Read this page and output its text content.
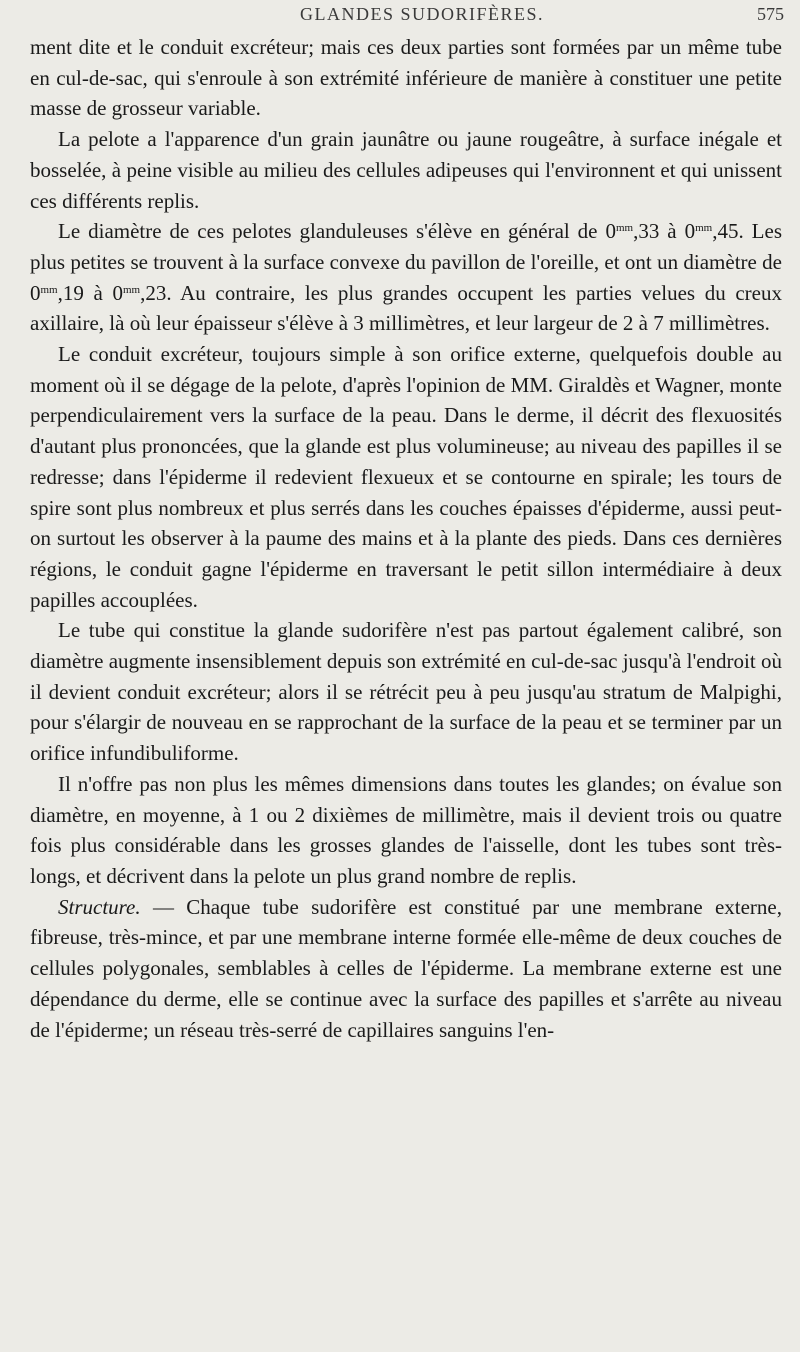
GLANDES SUDORIFÈRES.	575

ment dite et le conduit excréteur; mais ces deux parties sont formées par un même tube en cul-de-sac, qui s'enroule à son extrémité inférieure de manière à constituer une petite masse de grosseur variable.

La pelote a l'apparence d'un grain jaunâtre ou jaune rougeâtre, à surface inégale et bosselée, à peine visible au milieu des cellules adipeuses qui l'environnent et qui unissent ces différents replis.

Le diamètre de ces pelotes glanduleuses s'élève en général de $0^{mm},33$ à $0^{mm},45$. Les plus petites se trouvent à la surface convexe du pavillon de l'oreille, et ont un diamètre de $0^{mm},19$ à $0^{mm},23$. Au contraire, les plus grandes occupent les parties velues du creux axillaire, là où leur épaisseur s'élève à 3 millimètres, et leur largeur de 2 à 7 millimètres.

Le conduit excréteur, toujours simple à son orifice externe, quelquefois double au moment où il se dégage de la pelote, d'après l'opinion de MM. Giraldès et Wagner, monte perpendiculairement vers la surface de la peau. Dans le derme, il décrit des flexuosités d'autant plus prononcées, que la glande est plus volumineuse; au niveau des papilles il se redresse; dans l'épiderme il redevient flexueux et se contourne en spirale; les tours de spire sont plus nombreux et plus serrés dans les couches épaisses d'épiderme, aussi peut-on surtout les observer à la paume des mains et à la plante des pieds. Dans ces dernières régions, le conduit gagne l'épiderme en traversant le petit sillon intermédiaire à deux papilles accouplées.

Le tube qui constitue la glande sudorifère n'est pas partout également calibré, son diamètre augmente insensiblement depuis son extrémité en cul-de-sac jusqu'à l'endroit où il devient conduit excréteur; alors il se rétrécit peu à peu jusqu'au stratum de Malpighi, pour s'élargir de nouveau en se rapprochant de la surface de la peau et se terminer par un orifice infundibuliforme.

Il n'offre pas non plus les mêmes dimensions dans toutes les glandes; on évalue son diamètre, en moyenne, à 1 ou 2 dixièmes de millimètre, mais il devient trois ou quatre fois plus considérable dans les grosses glandes de l'aisselle, dont les tubes sont très-longs, et décrivent dans la pelote un plus grand nombre de replis.

Structure. — Chaque tube sudorifère est constitué par une membrane externe, fibreuse, très-mince, et par une membrane interne formée elle-même de deux couches de cellules polygonales, semblables à celles de l'épiderme. La membrane externe est une dépendance du derme, elle se continue avec la surface des papilles et s'arrête au niveau de l'épiderme; un réseau très-serré de capillaires sanguins l'en-
